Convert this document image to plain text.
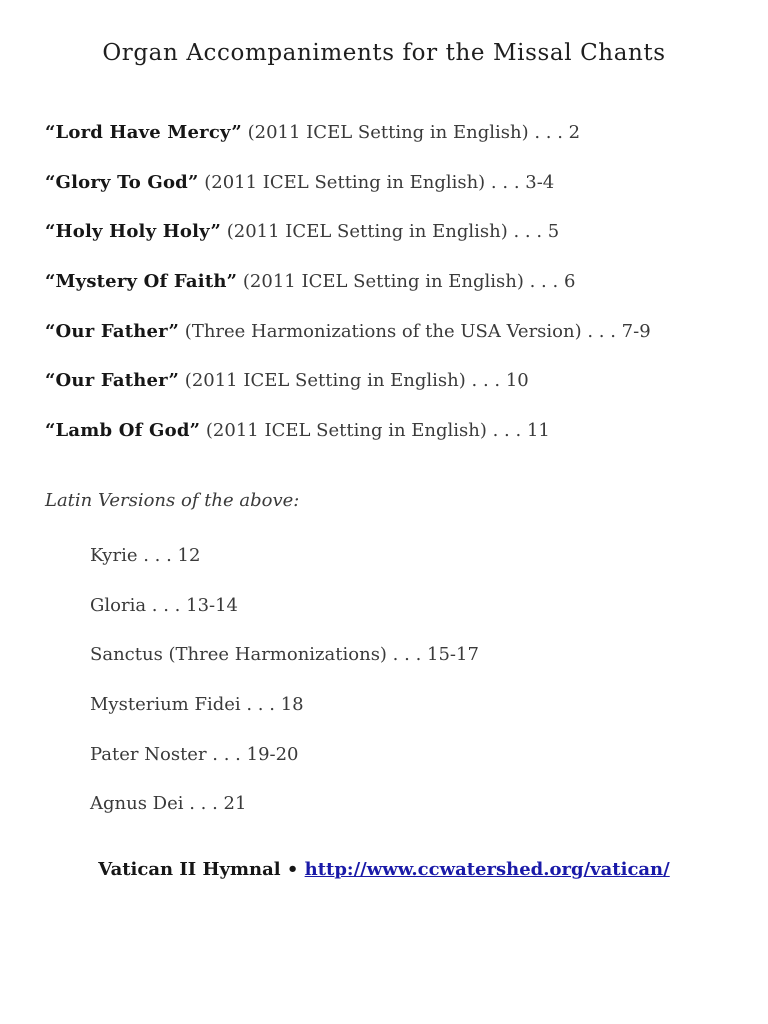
Organ Accompaniments for the Missal Chants
“Lord Have Mercy” (2011 ICEL Setting in English) . . . 2
“Glory To God” (2011 ICEL Setting in English) . . . 3-4
“Holy Holy Holy” (2011 ICEL Setting in English) . . . 5
“Mystery Of Faith” (2011 ICEL Setting in English) . . . 6
“Our Father” (Three Harmonizations of the USA Version) . . . 7-9
“Our Father” (2011 ICEL Setting in English) . . . 10
“Lamb Of God” (2011 ICEL Setting in English) . . . 11
Latin Versions of the above:
Kyrie . . . 12
Gloria . . . 13-14
Sanctus (Three Harmonizations) . . . 15-17
Mysterium Fidei . . . 18
Pater Noster . . . 19-20
Agnus Dei . . . 21
Vatican II Hymnal • http://www.ccwatershed.org/vatican/
